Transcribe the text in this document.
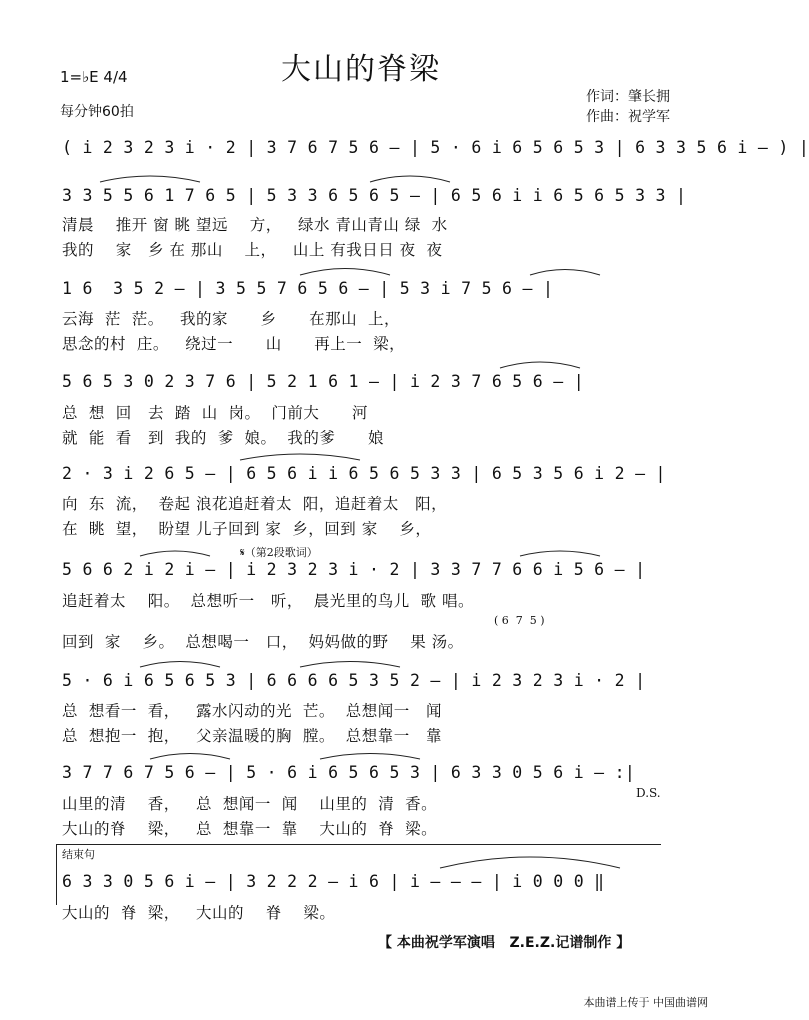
大山的脊梁
1=♭E 4/4
每分钟60拍
作词：肇长拥
作曲：祝学军
( i 2 3 2 3 i · 2 | 3 7 6 7 5 6 — | 5 · 6 i 6 5 6 5 3 | 6 3 3 5 6 i — ) |
3 3 5 5 6 1 7 6 5 | 5 3 3 6 5 6 5 — | 6 5 6 i i 6 5 6 5 3 3 |
清晨    推开 窗 眺 望远    方，   绿水 青山青山 绿  水
我的    家   乡 在 那山    上，   山上 有我日日 夜  夜
1 6  3 5 2 — | 3 5 5 7 6 5 6 — | 5 3 i 7 5 6 — |
云海  茫  茫。   我的家      乡      在那山  上，
思念的村  庄。   绕过一      山      再上一  梁，
5 6 5 3 0 2 3 7 6 | 5 2 1 6 1 — | i 2 3 7 6 5 6 — |
总  想  回   去  踏  山  岗。  门前大      河
就  能  看   到  我的  爹  娘。  我的爹      娘
2 · 3 i 2 6 5 — | 6 5 6 i i 6 5 6 5 3 3 | 6 5 3 5 6 i 2 — |
向  东  流，  卷起 浪花追赶着太  阳，追赶着太   阳，
在  眺  望，  盼望 儿子回到 家  乡，回到 家    乡，
𝄋（第2段歌词）
5 6 6 2 i 2 i — | i 2 3 2 3 i · 2 | 3 3 7 7 6 6 i 5 6 — |
追赶着太    阳。  总想听一   听，  晨光里的鸟儿  歌 唱。
( 6  7  5 )
回到  家    乡。  总想喝一   口，  妈妈做的野    果 汤。
5 · 6 i 6 5 6 5 3 | 6 6 6 6 5 3 5 2 — | i 2 3 2 3 i · 2 |
总  想看一  看，   露水闪动的光  芒。  总想闻一   闻
总  想抱一  抱，   父亲温暖的胸  膛。  总想靠一   靠
3 7 7 6 7 5 6 — | 5 · 6 i 6 5 6 5 3 | 6 3 3 0 5 6 i — :|
D.S.
山里的清    香，   总  想闻一  闻    山里的  清  香。
大山的脊    梁，   总  想靠一  靠    大山的  脊  梁。
结束句
6 3 3 0 5 6 i — | 3 2 2 2 — i 6 | i — — — | i 0 0 0 ‖
大山的  脊  梁，   大山的    脊    梁。
【 本曲祝学军演唱   Z.E.Z.记谱制作 】
本曲谱上传于 中国曲谱网
